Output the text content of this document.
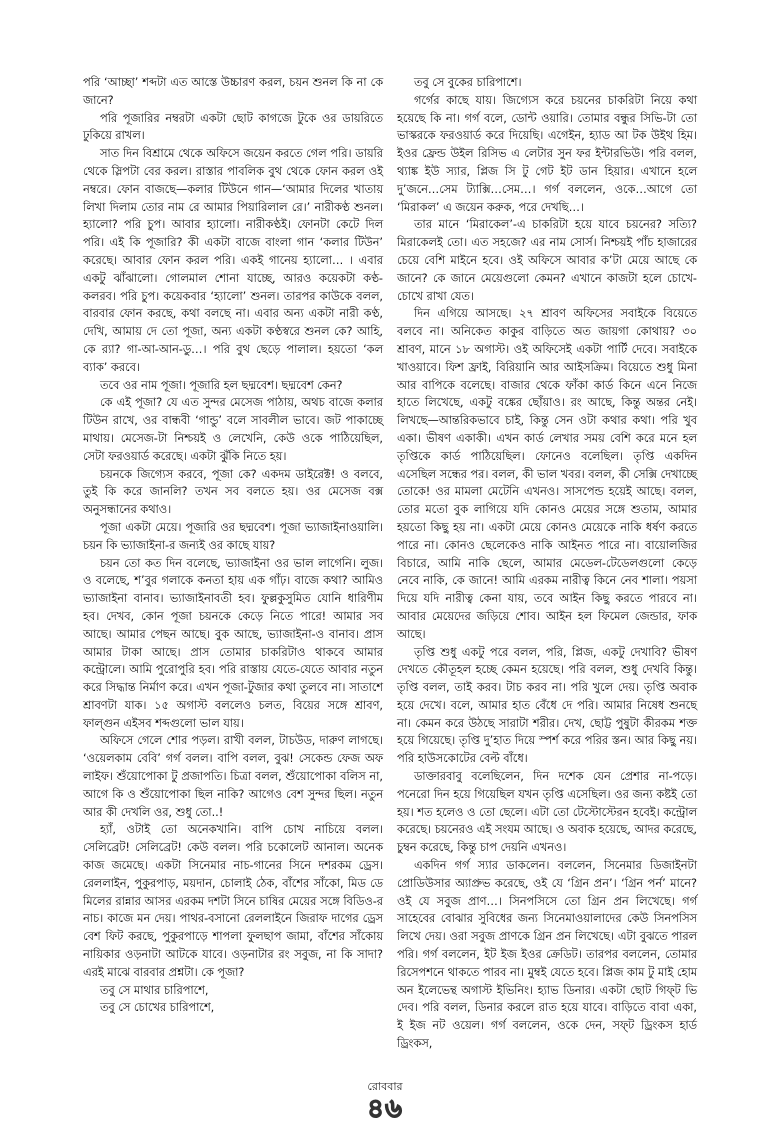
পরি ‘আচ্ছা’ শব্দটা এত আস্তে উচ্চারণ করল, চয়ন শুনল কি না কে জানে?

পরি পূজারির নম্বরটা একটা ছোট কাগজে টুকে ওর ডায়রিতে ঢুকিয়ে রাখল।

সাত দিন বিশ্রামে থেকে অফিসে জয়েন করতে গেল পরি। ডায়রি থেকে স্লিপটা বের করল। রাস্তার পাবলিক বুথ থেকে ফোন করল ওই নম্বরে। ফোন বাজছে—কলার টিউনে গান—‘আমার দিলের খাতায় লিখা দিলাম তোর নাম রে আমার পিয়ারিলাল রে।’ নারীকণ্ঠ শুনল। হ্যালো? পরি চুপ। আবার হ্যালো। নারীকণ্ঠই। ফোনটা কেটে দিল পরি। এই কি পূজারি? কী একটা বাজে বাংলা গান ‘কলার টিউন’ করেছে। আবার ফোন করল পরি। একই গানেয় হ্যালো… । এবার একটু ঝাঁঝালো। গোলমাল শোনা যাচ্ছে, আরও কয়েকটা কণ্ঠ-কলরব। পরি চুপ। কয়েকবার ‘হ্যালো’ শুনল। তারপর কাউকে বলল, বারবার ফোন করছে, কথা বলছে না। এবার অন্য একটা নারী কণ্ঠ, দেখি, আমায় দে তো পূজা, অন্য একটা কণ্ঠস্বরে শুনল কে? আহি, কে র‍্যা? গা-আ-আন-ডু…। পরি বুথ ছেড়ে পালাল। হয়তো ‘কল ব্যাক’ করবে।

তবে ওর নাম পূজা। পূজারি হল ছদ্মবেশ। ছদ্মবেশ কেন?

কে এই পূজা? যে এত সুন্দর মেসেজ পাঠায়, অথচ বাজে কলার টিউন রাখে, ওর বান্ধবী ‘গান্ডু’ বলে সাবলীল ভাবে। জট পাকাচ্ছে মাথায়। মেসেজ-টা নিশ্চয়ই ও লেখেনি, কেউ ওকে পাঠিয়েছিল, সেটা ফরওয়ার্ড করেছে। একটা ঝুঁকি নিতে হয়।

চয়নকে জিগ্যেস করবে, পূজা কে? একদম ডাইরেক্ট! ও বলবে, তুই কি করে জানলি? তখন সব বলতে হয়। ওর মেসেজ বক্স অনুসন্ধানের কথাও।

পূজা একটা মেয়ে। পূজারি ওর ছদ্মবেশ। পূজা ভ্যাজাইনাওয়ালি। চয়ন কি ভ্যাজাইনা-র জন্যই ওর কাছে যায়?

চয়ন তো কত দিন বলেছে, ভ্যাজাইনা ওর ভাল লাগেনি। লুজ। ও বলেছে, শ’বুর গলাকে কনতা হায় এক গাঁঢ়। বাজে কথা? আমিও ভ্যাজাইনা বানাব। ভ্যাজাইনাবতী হব। ফুল্লকুসুমিত যোনি ধারিণীম হব। দেখব, কোন পূজা চয়নকে কেড়ে নিতে পারে! আমার সব আছে। আমার পেছন আছে। বুক আছে, ভ্যাজাইনা-ও বানাব। প্রাস আমার টাকা আছে। প্রাস তোমার চাকরিটাও থাকবে আমার কন্ট্রোলে। আমি পুরোপুরি হব। পরি রাস্তায় যেতে-যেতে আবার নতুন করে সিদ্ধান্ত নির্মাণ করে। এখন পূজা-টুজার কথা তুলবে না। সাতাশে শ্রাবণটা যাক। ১৫ অগাস্ট বললেও চলত, বিয়ের সঙ্গে শ্রাবণ, ফাল্গুন এইসব শব্দগুলো ভাল যায়।

অফিসে গেলে শোর পড়ল। রাখী বলল, টাচউড, দারুণ লাগছে। ‘ওয়েলকাম বেবি’ গর্গ বলল। বাপি বলল, বুঝ! সেকেন্ড ফেজ অফ লাইফ। শুঁয়োপোকা টু প্রজাপতি। চিত্রা বলল, শুঁয়োপোকা বলিস না, আগে কি ও শুঁয়োপোকা ছিল নাকি? আগেও বেশ সুন্দর ছিল। নতুন আর কী দেখলি ওর, শুধু তো..!

হ্যাঁ, ওটাই তো অনেকখানি। বাপি চোখ নাচিয়ে বলল। সেলিব্রেট! সেলিব্রেট! কেউ বলল। পরি চকোলেট আনাল। অনেক কাজ জমেছে। একটা সিনেমার নাচ-গানের সিনে দশরকম ড্রেস। রেললাইন, পুকুরপাড়, ময়দান, চোলাই ঠেক, বাঁশের সাঁকো, মিড ডে মিলের রান্নার আসর এরকম দশটা সিনে চাষির মেয়ের সঙ্গে বিডিও-র নাচ। কাজে মন দেয়। পাথর-বসানো রেললাইনে জিরাফ দাগের ড্রেস বেশ ফিট করছে, পুকুরপাড়ে শাপলা ফুলছাপ জামা, বাঁশের সাঁকোয় নায়িকার ওড়নাটা আটকে যাবে। ওড়নাটার রং সবুজ, না কি সাদা? এরই মাঝে বারবার প্রশ্নটা। কে পূজা?

তবু সে মাথার চারিপাশে,

তবু সে চোখের চারিপাশে,

তবু সে বুকের চারিপাশে।

গর্গের কাছে যায়। জিগ্যেস করে চয়নের চাকরিটা নিয়ে কথা হয়েছে কি না। গর্গ বলে, ডোন্ট ওয়ারি। তোমার বন্ধুর সিভি-টা তো ভাস্করকে ফরওয়ার্ড করে দিয়েছি। এগেইন, হ্যাড আ টক উইথ হিম। ইওর ফ্রেন্ড উইল রিসিভ এ লেটার সুন ফর ইন্টারভিউ। পরি বলল, থ্যাঙ্ক ইউ স্যার, প্লিজ সি টু গেট ইট ডান হিয়ার। এখানে হলে দু’জনে…সেম ট্যাক্সি…সেম…। গর্গ বললেন, ওকে…আগে তো ‘মিরাকল’ এ জয়েন করুক, পরে দেখছি…।

তার মানে ‘মিরাকেল’-এ চাকরিটা হয়ে যাবে চয়নের? সত্যি? মিরাকেলই তো। এত সহজে? এর নাম সোর্স। নিশ্চয়ই পাঁচ হাজারের চেয়ে বেশি মাইনে হবে। ওই অফিসে আবার ক’টা মেয়ে আছে কে জানে? কে জানে মেয়েগুলো কেমন? এখানে কাজটা হলে চোখে-চোখে রাখা যেত।

দিন এগিয়ে আসছে। ২৭ শ্রাবণ অফিসের সবাইকে বিয়েতে বলবে না। অনিকেত কাকুর বাড়িতে অত জায়গা কোথায়? ৩০ শ্রাবণ, মানে ১৮ অগাস্ট। ওই অফিসেই একটা পার্টি দেবে। সবাইকে খাওয়াবে। ফিশ ফ্রাই, বিরিয়ানি আর আইসক্রিম। বিয়েতে শুধু মিনা আর বাপিকে বলেছে। বাজার থেকে ফাঁকা কার্ড কিনে এনে নিজে হাতে লিখেছে, একটু বঙ্কের ছোঁয়াও। রং আছে, কিন্তু অন্তর নেই। লিখছে—আন্তরিকভাবে চাই, কিন্তু সেন ওটা কথার কথা। পরি খুব একা। ভীষণ একাকী। এখন কার্ড লেখার সময় বেশি করে মনে হল তৃপ্তিকে কার্ড পাঠিয়েছিল। ফোনেও বলেছিল। তৃপ্তি একদিন এসেছিল সন্ধের পর। বলল, কী ভাল খবর। বলল, কী সেক্সি দেখাচ্ছে তোকে! ওর মামলা মেটেনি এখনও। সাসপেন্ড হয়েই আছে। বলল, তোর মতো বুক লাগিয়ে যদি কোনও মেয়ের সঙ্গে শুতাম, আমার হয়তো কিছু হয় না। একটা মেয়ে কোনও মেয়েকে নাকি ধর্ষণ করতে পারে না। কোনও ছেলেকেও নাকি আইনত পারে না। বায়োলজির বিচারে, আমি নাকি ছেলে, আমার মেডেল-টেডেলগুলো কেড়ে নেবে নাকি, কে জানে! আমি এরকম নারীত্ব কিনে নেব শালা। পয়সা দিয়ে যদি নারীত্ব কেনা যায়, তবে আইন কিছু করতে পারবে না। আবার মেয়েদের জড়িয়ে শোব। আইন হল ফিমেল জেন্ডার, ফাক আছে।

তৃপ্তি শুধু একটু পরে বলল, পরি, প্লিজ, একটু দেখাবি? ভীষণ দেখতে কৌতূহল হচ্ছে কেমন হয়েছে। পরি বলল, শুধু দেখবি কিন্তু। তৃপ্তি বলল, তাই করব। টাচ করব না। পরি খুলে দেয়। তৃপ্তি অবাক হয়ে দেখে। বলে, আমার হাত বেঁধে দে পরি। আমার নিষেধ শুনছে না। কেমন করে উঠছে সারাটা শরীর। দেখ, ছোট্ট পুষুটা কীরকম শক্ত হয়ে গিয়েছে। তৃপ্তি দু’হাত দিয়ে স্পর্শ করে পরির স্তন। আর কিছু নয়। পরি হাউসকোটের বেল্ট বাঁধে।

ডাক্তারবাবু বলেছিলেন, দিন দশেক যেন প্রেশার না-পড়ে। পনেরো দিন হয়ে গিয়েছিল যখন তৃপ্তি এসেছিল। ওর জন্য কষ্টই তো হয়। শত হলেও ও তো ছেলে। এটা তো টেস্টোস্টেরন হবেই। কন্ট্রোল করেছে। চয়নেরও এই সংযম আছে। ও অবাক হয়েছে, আদর করেছে, চুম্বন করেছে, কিন্তু চাপ দেয়নি এখনও।

একদিন গর্গ স্যার ডাকলেন। বললেন, সিনেমার ডিজাইনটা প্রোডিউসার অ্যাপ্রুভ করেছে, ওই যে ‘গ্রিন প্রন’। ‘গ্রিন পর্ন’ মানে? ওই যে সবুজ প্রাণ…। সিনপসিসে তো গ্রিন প্রন লিখেছে। গর্গ সাহেবের বোঝার সুবিধের জন্য সিনেমাওয়ালাদের কেউ সিনপসিস লিখে দেয়। ওরা সবুজ প্রাণকে গ্রিন প্রন লিখেছে। এটা বুঝতে পারল পরি। গর্গ বললেন, ইট ইজ ইওর ক্রেডিট। তারপর বললেন, তোমার রিসেপশনে থাকতে পারব না। মুম্বই যেতে হবে। প্লিজ কাম টু মাই হোম অন ইলেভেন্থ অগাস্ট ইভিনিং। হ্যাভ ডিনার। একটা ছোট গিফ্‌ট ভি দেব। পরি বলল, ডিনার করলে রাত হয়ে যাবে। বাড়িতে বাবা একা, ই ইজ নট ওয়েল। গর্গ বললেন, ওকে দেন, সফ্‌ট ড্রিংকস হার্ড ড্রিংকস,

রোববার
৪৬
